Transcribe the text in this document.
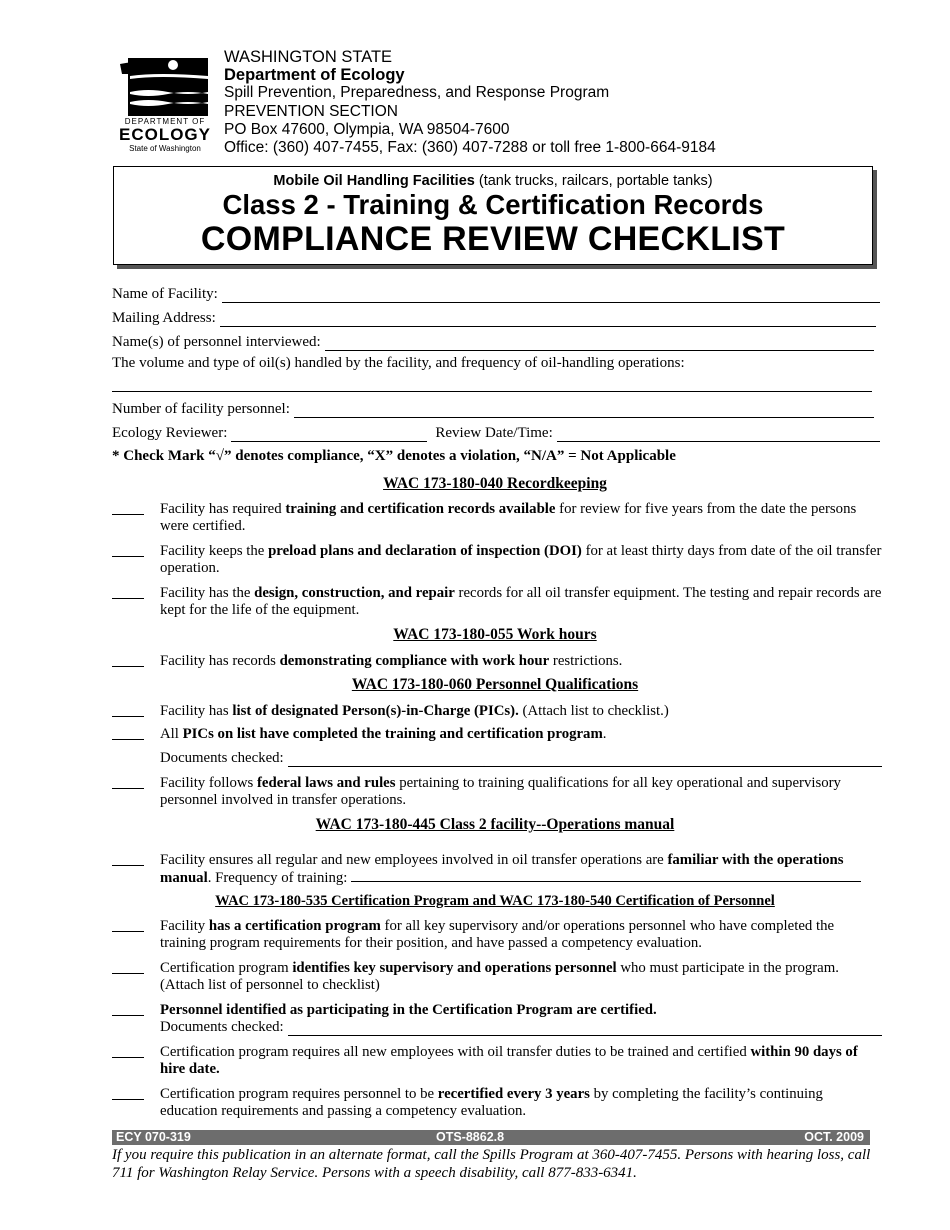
DEPARTMENT OF
ECOLOGY
State of Washington
WASHINGTON STATE
Department of Ecology
Spill Prevention, Preparedness, and Response Program
PREVENTION SECTION
PO Box 47600, Olympia, WA 98504-7600
Office: (360) 407-7455, Fax: (360) 407-7288 or toll free 1-800-664-9184
Mobile Oil Handling Facilities (tank trucks, railcars, portable tanks)
Class 2 - Training & Certification Records
COMPLIANCE REVIEW CHECKLIST
Name of Facility:
Mailing Address:
Name(s) of personnel interviewed:
The volume and type of oil(s) handled by the facility, and frequency of oil-handling operations:
Number of facility personnel:
Ecology Reviewer:	Review Date/Time:
* Check Mark “√” denotes compliance, “X” denotes a violation, “N/A” = Not Applicable
WAC 173-180-040 Recordkeeping
Facility has required training and certification records available for review for five years from the date the persons were certified.
Facility keeps the preload plans and declaration of inspection (DOI) for at least thirty days from date of the oil transfer operation.
Facility has the design, construction, and repair records for all oil transfer equipment. The testing and repair records are kept for the life of the equipment.
WAC 173-180-055 Work hours
Facility has records demonstrating compliance with work hour restrictions.
WAC 173-180-060 Personnel Qualifications
Facility has list of designated Person(s)-in-Charge (PICs). (Attach list to checklist.)
All PICs on list have completed the training and certification program.
Documents checked:
Facility follows federal laws and rules pertaining to training qualifications for all key operational and supervisory personnel involved in transfer operations.
WAC 173-180-445 Class 2 facility--Operations manual
Facility ensures all regular and new employees involved in oil transfer operations are familiar with the operations manual. Frequency of training:
WAC 173-180-535 Certification Program and WAC 173-180-540 Certification of Personnel
Facility has a certification program for all key supervisory and/or operations personnel who have completed the training program requirements for their position, and have passed a competency evaluation.
Certification program identifies key supervisory and operations personnel who must participate in the program. (Attach list of personnel to checklist)
Personnel identified as participating in the Certification Program are certified.
Documents checked:
Certification program requires all new employees with oil transfer duties to be trained and certified within 90 days of hire date.
Certification program requires personnel to be recertified every 3 years by completing the facility’s continuing education requirements and passing a competency evaluation.
ECY 070-319	OTS-8862.8	OCT. 2009
If you require this publication in an alternate format, call the Spills Program at 360-407-7455. Persons with hearing loss, call 711 for Washington Relay Service. Persons with a speech disability, call 877-833-6341.
